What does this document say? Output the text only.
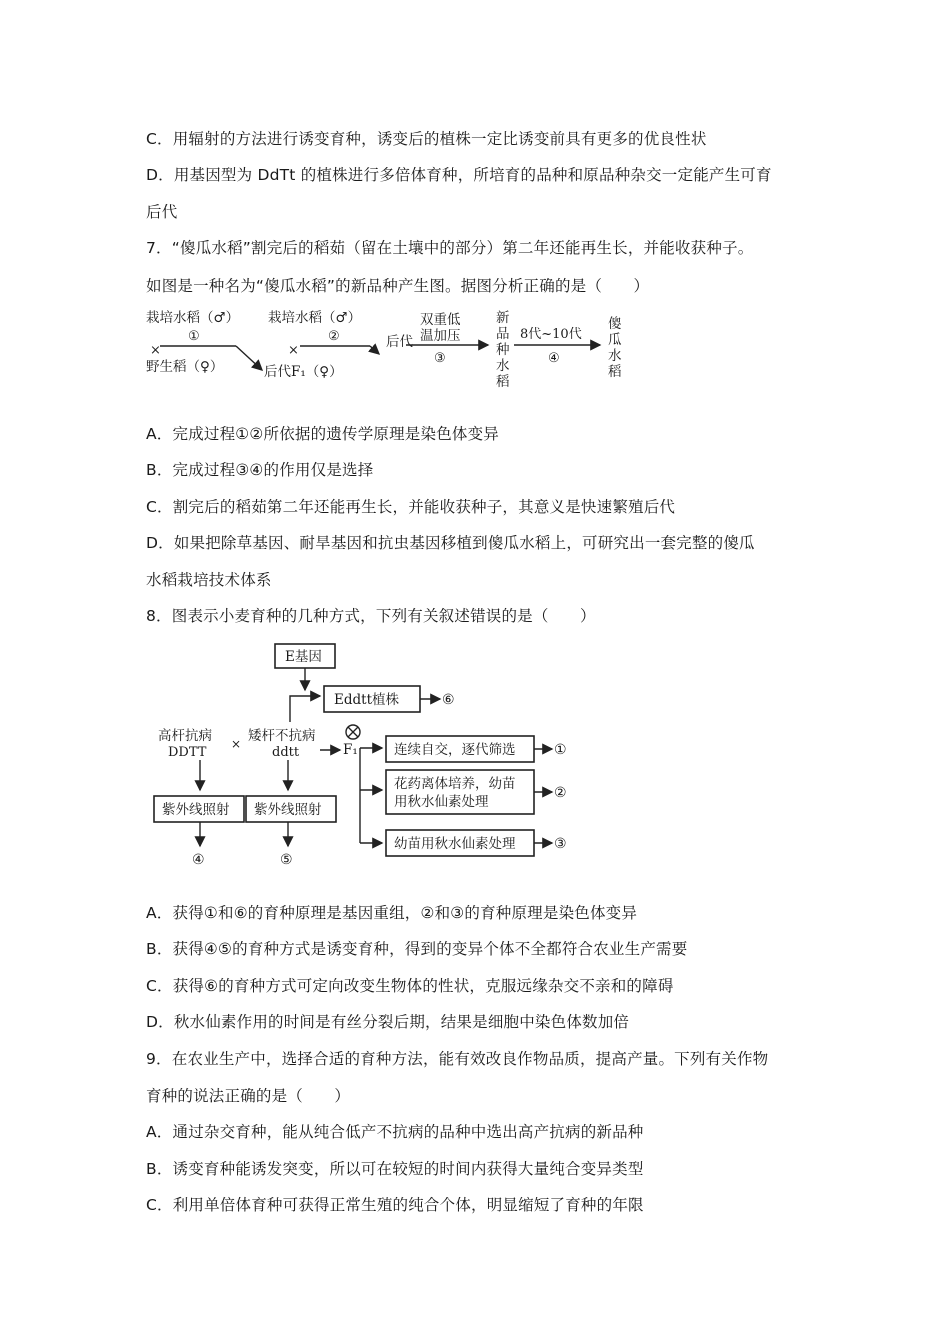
C．用辐射的方法进行诱变育种，诱变后的植株一定比诱变前具有更多的优良性状
D．用基因型为 DdTt 的植株进行多倍体育种，所培育的品种和原品种杂交一定能产生可育
后代
7．“傻瓜水稻”割完后的稻茹（留在土壤中的部分）第二年还能再生长，并能收获种子。
如图是一种名为“傻瓜水稻”的新品种产生图。据图分析正确的是（　　）
栽培水稻（♂）
①
×
野生稻（♀）
栽培水稻（♂）
②
×
后代F₁（♀）
后代
双重低
温加压
③
新品种水稻
8代~10代
④
傻瓜水稻
A．完成过程①②所依据的遗传学原理是染色体变异
B．完成过程③④的作用仅是选择
C．割完后的稻茹第二年还能再生长，并能收获种子，其意义是快速繁殖后代
D．如果把除草基因、耐旱基因和抗虫基因移植到傻瓜水稻上，可研究出一套完整的傻瓜
水稻栽培技术体系
8．图表示小麦育种的几种方式，下列有关叙述错误的是（　　）
E基因
Eddtt植株	⑥
高杆抗病
DDTT
× 矮杆不抗病
ddtt	F₁	连续自交，逐代筛选	①
花药离体培养，幼苗
用秋水仙素处理
②
幼苗用秋水仙素处理	③
紫外线照射 紫外线照射
④	⑤
A．获得①和⑥的育种原理是基因重组，②和③的育种原理是染色体变异
B．获得④⑤的育种方式是诱变育种，得到的变异个体不全都符合农业生产需要
C．获得⑥的育种方式可定向改变生物体的性状，克服远缘杂交不亲和的障碍
D．秋水仙素作用的时间是有丝分裂后期，结果是细胞中染色体数加倍
9．在农业生产中，选择合适的育种方法，能有效改良作物品质，提高产量。下列有关作物
育种的说法正确的是（　　）
A．通过杂交育种，能从纯合低产不抗病的品种中选出高产抗病的新品种
B．诱变育种能诱发突变，所以可在较短的时间内获得大量纯合变异类型
C．利用单倍体育种可获得正常生殖的纯合个体，明显缩短了育种的年限
